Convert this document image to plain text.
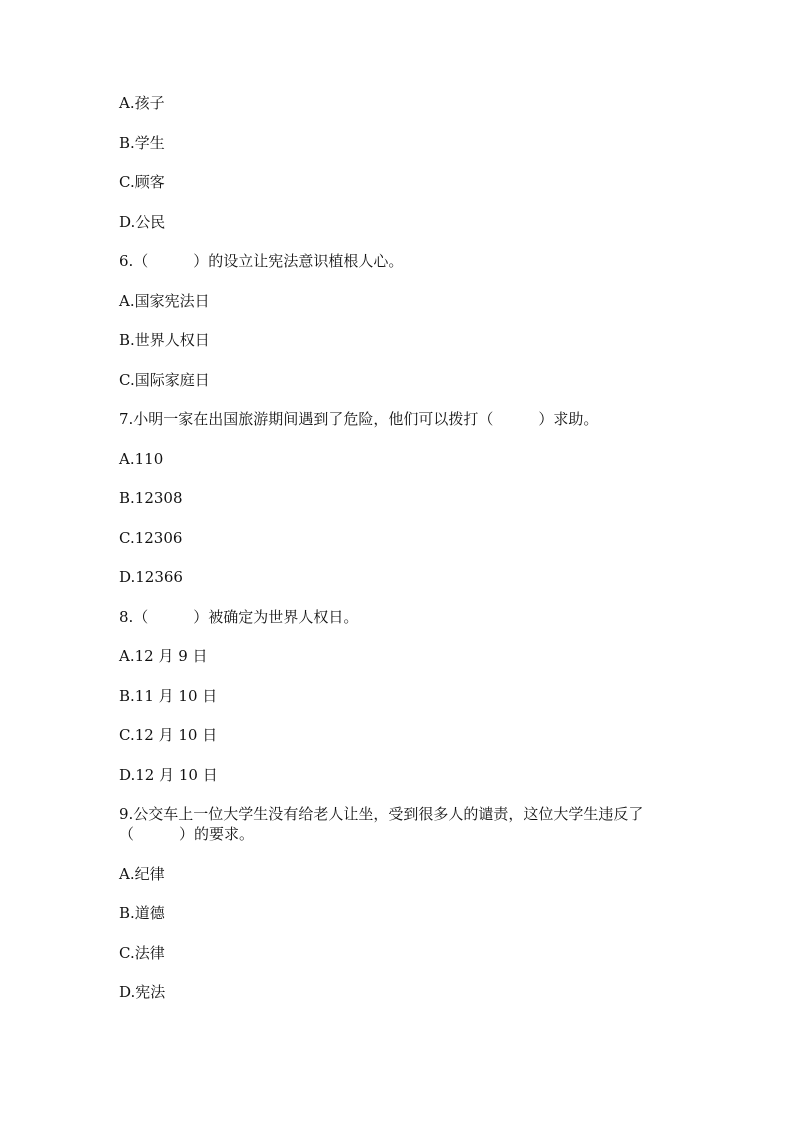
A.孩子

B.学生

C.顾客

D.公民

6.（　　　）的设立让宪法意识植根人心。

A.国家宪法日

B.世界人权日

C.国际家庭日

7.小明一家在出国旅游期间遇到了危险，他们可以拨打（　　　）求助。

A.110

B.12308

C.12306

D.12366

8.（　　　）被确定为世界人权日。

A.12 月 9 日

B.11 月 10 日

C.12 月 10 日

D.12 月 10 日

9.公交车上一位大学生没有给老人让坐，受到很多人的谴责，这位大学生违反了（　　　）的要求。

A.纪律

B.道德

C.法律

D.宪法
